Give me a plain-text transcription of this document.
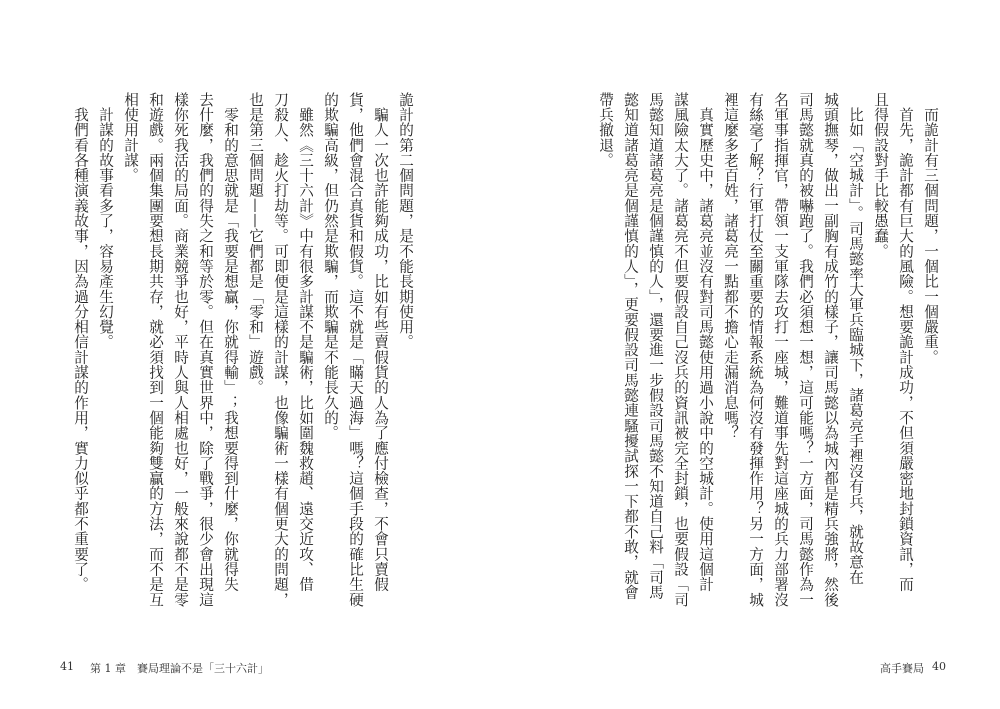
詭計的第二個問題，是不能長期使用。
　騙人一次也許能夠成功，比如有些賣假貨的人為了應付檢查，不會只賣假
貨，他們會混合真貨和假貨。這不就是「瞞天過海」嗎？這個手段的確比生硬
的欺騙高級，但仍然是欺騙，而欺騙是不能長久的。
　雖然《三十六計》中有很多計謀不是騙術，比如圍魏救趙、遠交近攻、借
刀殺人、趁火打劫等。可即便是這樣的計謀，也像騙術一樣有個更大的問題，
也是第三個問題——它們都是「零和」遊戲。
　零和的意思就是「我要是想贏，你就得輸」；我想要得到什麼，你就得失
去什麼，我們的得失之和等於零。但在真實世界中，除了戰爭，很少會出現這
樣你死我活的局面。商業競爭也好，平時人與人相處也好，一般來說都不是零
和遊戲。兩個集團要想長期共存，就必須找到一個能夠雙贏的方法，而不是互
相使用計謀。
　計謀的故事看多了，容易產生幻覺。
　我們看各種演義故事，因為過分相信計謀的作用，實力似乎都不重要了。
41 第 1 章　賽局理論不是「三十六計」
　而詭計有三個問題，一個比一個嚴重。
　首先，詭計都有巨大的風險。想要詭計成功，不但須嚴密地封鎖資訊，而
且得假設對手比較愚蠢。
　比如「空城計」。司馬懿率大軍兵臨城下，諸葛亮手裡沒有兵，就故意在
城頭撫琴，做出一副胸有成竹的樣子，讓司馬懿以為城內都是精兵強將，然後
司馬懿就真的被嚇跑了。我們必須想一想，這可能嗎？一方面，司馬懿作為一
名軍事指揮官，帶領一支軍隊去攻打一座城，難道事先對這座城的兵力部署沒
有絲毫了解？行軍打仗至關重要的情報系統為何沒有發揮作用？另一方面，城
裡這麼多老百姓，諸葛亮一點都不擔心走漏消息嗎？
　真實歷史中，諸葛亮並沒有對司馬懿使用過小說中的空城計。使用這個計
謀風險太大了。諸葛亮不但要假設自己沒兵的資訊被完全封鎖，也要假設「司
馬懿知道諸葛亮是個謹慎的人」，還要進一步假設司馬懿不知道自己料「司馬
懿知道諸葛亮是個謹慎的人」，更要假設司馬懿連騷擾試探一下都不敢，就會
帶兵撤退。
高手賽局 40
